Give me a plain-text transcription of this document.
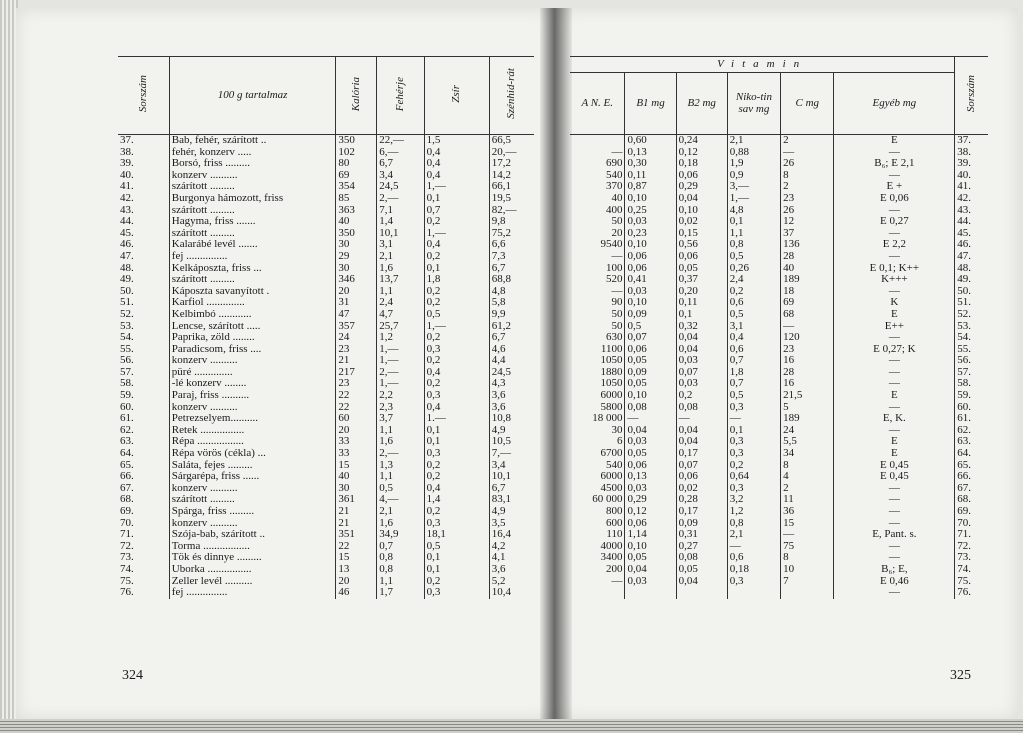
Sorszám	100 g tartalmaz	Kalória	Fehérje	Zsír	Szénhid-rát
37.	Bab, fehér, szárított ..	350	22,—	1,5	66,5
38.	fehér, konzerv .....	102	6,—	0,4	20,—
39.	Borsó, friss .........	80	6,7	0,4	17,2
40.	konzerv ..........	69	3,4	0,4	14,2
41.	szárított .........	354	24,5	1,—	66,1
42.	Burgonya hámozott, friss	85	2,—	0,1	19,5
43.	szárított .........	363	7,1	0,7	82,—
44.	Hagyma, friss .......	40	1,4	0,2	9,8
45.	szárított .........	350	10,1	1,—	75,2
46.	Kalarábé levél .......	30	3,1	0,4	6,6
47.	fej ...............	29	2,1	0,2	7,3
48.	Kelkáposzta, friss ...	30	1,6	0,1	6,7
49.	szárított .........	346	13,7	1,8	68,8
50.	Káposzta savanyított .	20	1,1	0,2	4,8
51.	Karfiol ..............	31	2,4	0,2	5,8
52.	Kelbimbó ............	47	4,7	0,5	9,9
53.	Lencse, szárított .....	357	25,7	1,—	61,2
54.	Paprika, zöld ........	24	1,2	0,2	6,7
55.	Paradicsom, friss ....	23	1,—	0,3	4,6
56.	konzerv ..........	21	1,—	0,2	4,4
57.	püré ..............	217	2,—	0,4	24,5
58.	-lé konzerv ........	23	1,—	0,2	4,3
59.	Paraj, friss ..........	22	2,2	0,3	3,6
60.	konzerv ..........	22	2,3	0,4	3,6
61.	Petrezselyem..........	60	3,7	1.—	10,8
62.	Retek ................	20	1,1	0,1	4,9
63.	Répa .................	33	1,6	0,1	10,5
64.	Répa vörös (cékla) ...	33	2,—	0,3	7,—
65.	Saláta, fejes .........	15	1,3	0,2	3,4
66.	Sárgarépa, friss ......	40	1,1	0,2	10,1
67.	konzerv ..........	30	0,5	0,4	6,7
68.	szárított .........	361	4,—	1,4	83,1
69.	Spárga, friss .........	21	2,1	0,2	4,9
70.	konzerv ..........	21	1,6	0,3	3,5
71.	Szója-bab, szárított ..	351	34,9	18,1	16,4
72.	Torma .................	22	0,7	0,5	4,2
73.	Tök és dinnye .........	15	0,8	0,1	4,1
74.	Uborka ................	13	0,8	0,1	3,6
75.	Zeller levél ..........	20	1,1	0,2	5,2
76.	fej ...............	46	1,7	0,3	10,4
Vitamin						Sorszám
A N. E.	B1 mg	B2 mg	Niko-tin sav mg	C mg	Egyéb mg	
	0,60	0,24	2,1	2	E	37.
—	0,13	0,12	0,88	—	—	38.
690	0,30	0,18	1,9	26	B₆; E 2,1	39.
540	0,11	0,06	0,9	8	—	40.
370	0,87	0,29	3,—	2	E +	41.
40	0,10	0,04	1,—	23	E 0,06	42.
400	0,25	0,10	4,8	26	—	43.
50	0,03	0,02	0,1	12	E 0,27	44.
20	0,23	0,15	1,1	37	—	45.
9540	0,10	0,56	0,8	136	E 2,2	46.
—	0,06	0,06	0,5	28	—	47.
100	0,06	0,05	0,26	40	E 0,1; K++	48.
520	0,41	0,37	2,4	189	K+++	49.
—	0,03	0,20	0,2	18	—	50.
90	0,10	0,11	0,6	69	K	51.
50	0,09	0,1	0,5	68	E	52.
50	0,5	0,32	3,1	—	E++	53.
630	0,07	0,04	0,4	120	—	54.
1100	0,06	0,04	0,6	23	E 0,27; K	55.
1050	0,05	0,03	0,7	16	—	56.
1880	0,09	0,07	1,8	28	—	57.
1050	0,05	0,03	0,7	16	—	58.
6000	0,10	0,2	0,5	21,5	E	59.
5800	0,08	0,08	0,3	5	—	60.
18 000	—	—	—	189	E, K.	61.
30	0,04	0,04	0,1	24	—	62.
6	0,03	0,04	0,3	5,5	E	63.
6700	0,05	0,17	0,3	34	E	64.
540	0,06	0,07	0,2	8	E 0,45	65.
6000	0,13	0,06	0,64	4	E 0,45	66.
4500	0,03	0,02	0,3	2	—	67.
60 000	0,29	0,28	3,2	11	—	68.
800	0,12	0,17	1,2	36	—	69.
600	0,06	0,09	0,8	15	—	70.
110	1,14	0,31	2,1	—	E, Pant. s.	71.
4000	0,10	0,27	—	75	—	72.
3400	0,05	0,08	0,6	8	—	73.
200	0,04	0,05	0,18	10	B₆; E,	74.
—	0,03	0,04	0,3	7	E 0,46	75.
					—	76.
324	325
